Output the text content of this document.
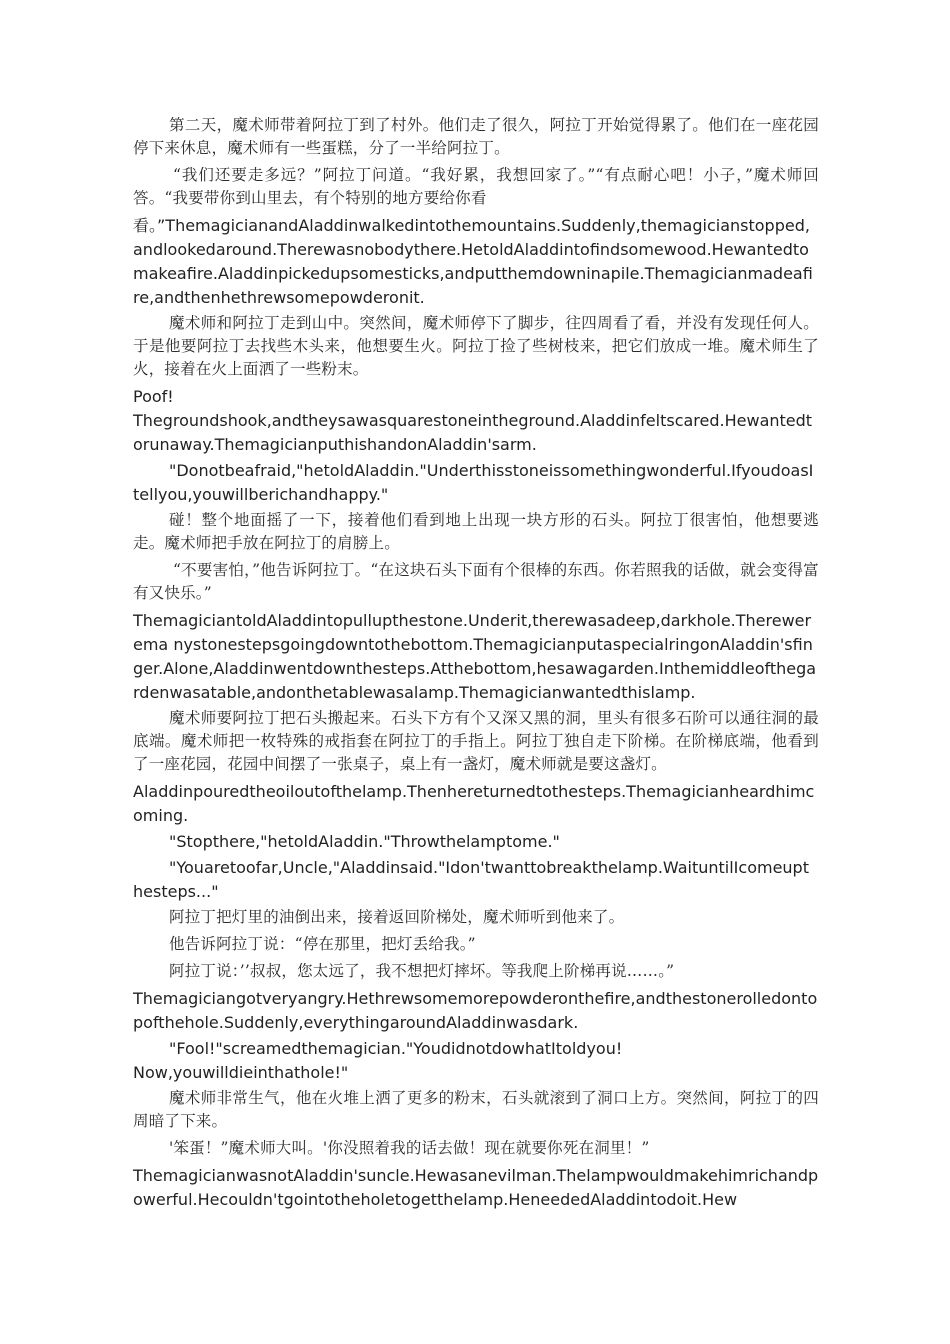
第二天，魔术师带着阿拉丁到了村外。他们走了很久，阿拉丁开始觉得累了。他们在一座花园停下来休息，魔术师有一些蛋糕，分了一半给阿拉丁。

“我们还要走多远？”阿拉丁问道。“我好累，我想回家了。”“有点耐心吧！小子，”魔术师回答。“我要带你到山里去，有个特别的地方要给你看

看。”ThemagicianandAladdinwalkedintothemountains.Suddenly,themagicianstopped,andlookedaround.Therewasnobodythere.HetoldAladdintofindsomewood.Hewantedtomakeafire.Aladdinpickedupsomesticks,andputthemdowninapile.Themagicianmadeafire,andthenhethrewsomepowderonit.

魔术师和阿拉丁走到山中。突然间，魔术师停下了脚步，往四周看了看，并没有发现任何人。于是他要阿拉丁去找些木头来，他想要生火。阿拉丁捡了些树枝来，把它们放成一堆。魔术师生了火，接着在火上面洒了一些粉末。

Poof!

Thegroundshook,andtheysawasquarestoneintheground.Aladdinfeltscared.Hewantedtorunaway.ThemagicianputhishandonAladdin'sarm.

"Donotbeafraid,"hetoldAladdin."Underthisstoneissomethingwonderful.IfyoudoasItellyou,youwillberichandhappy."

碰！整个地面摇了一下，接着他们看到地上出现一块方形的石头。阿拉丁很害怕，他想要逃走。魔术师把手放在阿拉丁的肩膀上。

“不要害怕，”他告诉阿拉丁。“在这块石头下面有个很棒的东西。你若照我的话做，就会变得富有又快乐。”

ThemagiciantoldAladdintopullupthestone.Underit,therewasadeep,darkhole.Therewerema nystonestepsgoingdowntothebottom.ThemagicianputaspecialringonAladdin'sfinger.Alone,Aladdinwentdownthesteps.Atthebottom,hesawagarden.Inthemiddleofthegardenwasatable,andonthetablewasalamp.Themagicianwantedthislamp.

魔术师要阿拉丁把石头搬起来。石头下方有个又深又黑的洞，里头有很多石阶可以通往洞的最底端。魔术师把一枚特殊的戒指套在阿拉丁的手指上。阿拉丁独自走下阶梯。在阶梯底端，他看到了一座花园，花园中间摆了一张桌子，桌上有一盏灯，魔术师就是要这盏灯。

Aladdinpouredtheoiloutofthelamp.Thenhereturnedtothesteps.Themagicianheardhimcoming.

"Stopthere,"hetoldAladdin."Throwthelamptome."

"Youaretoofar,Uncle,"Aladdinsaid."Idon'twanttobreakthelamp.WaituntilIcomeupthesteps..."

阿拉丁把灯里的油倒出来，接着返回阶梯处，魔术师听到他来了。

他告诉阿拉丁说：“停在那里，把灯丢给我。”

阿拉丁说：’’叔叔，您太远了，我不想把灯摔坏。等我爬上阶梯再说……。”

Themagiciangotveryangry.Hethrewsomemorepowderonthefire,andthestonerolledontopofthehole.Suddenly,everythingaroundAladdinwasdark.

"Fool!"screamedthemagician."YoudidnotdowhatItoldyou!
Now,youwilldieinthathole!"

魔术师非常生气，他在火堆上洒了更多的粉末，石头就滚到了洞口上方。突然间，阿拉丁的四周暗了下来。

'笨蛋！”魔术师大叫。'你没照着我的话去做！现在就要你死在洞里！”

ThemagicianwasnotAladdin'suncle.Hewasanevilman.Thelampwouldmakehimrichandpowerful.Hecouldn'tgointotheholetogetthelamp.HeneededAladdintodoit.Hew
